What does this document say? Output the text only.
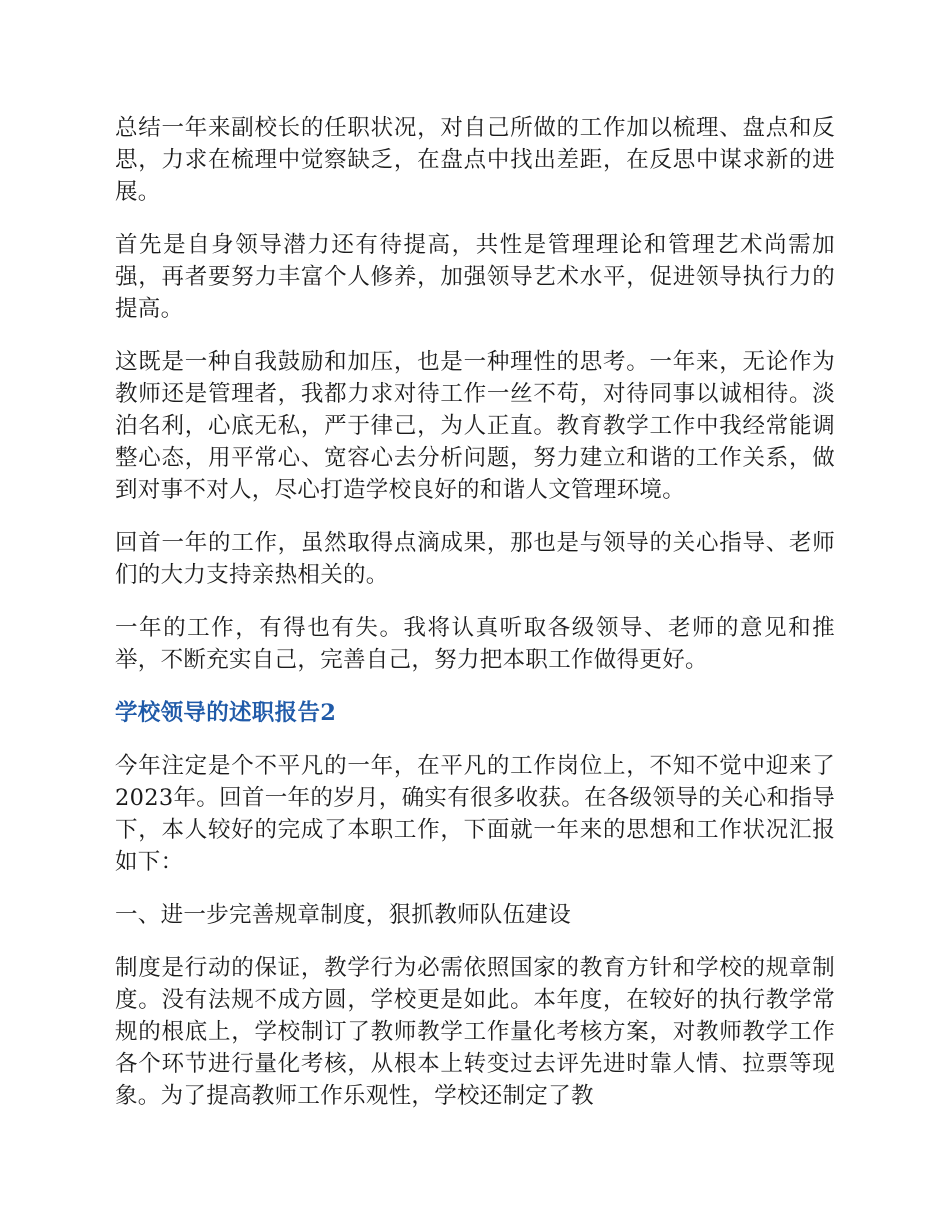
总结一年来副校长的任职状况，对自己所做的工作加以梳理、盘点和反思，力求在梳理中觉察缺乏，在盘点中找出差距，在反思中谋求新的进展。

首先是自身领导潜力还有待提高，共性是管理理论和管理艺术尚需加强，再者要努力丰富个人修养，加强领导艺术水平，促进领导执行力的提高。

这既是一种自我鼓励和加压，也是一种理性的思考。一年来，无论作为教师还是管理者，我都力求对待工作一丝不苟，对待同事以诚相待。淡泊名利，心底无私，严于律己，为人正直。教育教学工作中我经常能调整心态，用平常心、宽容心去分析问题，努力建立和谐的工作关系，做到对事不对人，尽心打造学校良好的和谐人文管理环境。

回首一年的工作，虽然取得点滴成果，那也是与领导的关心指导、老师们的大力支持亲热相关的。

一年的工作，有得也有失。我将认真听取各级领导、老师的意见和推举，不断充实自己，完善自己，努力把本职工作做得更好。

学校领导的述职报告2

今年注定是个不平凡的一年，在平凡的工作岗位上，不知不觉中迎来了2023年。回首一年的岁月，确实有很多收获。在各级领导的关心和指导下，本人较好的完成了本职工作，下面就一年来的思想和工作状况汇报如下：

一、进一步完善规章制度，狠抓教师队伍建设

制度是行动的保证，教学行为必需依照国家的教育方针和学校的规章制度。没有法规不成方圆，学校更是如此。本年度，在较好的执行教学常规的根底上，学校制订了教师教学工作量化考核方案，对教师教学工作各个环节进行量化考核，从根本上转变过去评先进时靠人情、拉票等现象。为了提高教师工作乐观性，学校还制定了教
